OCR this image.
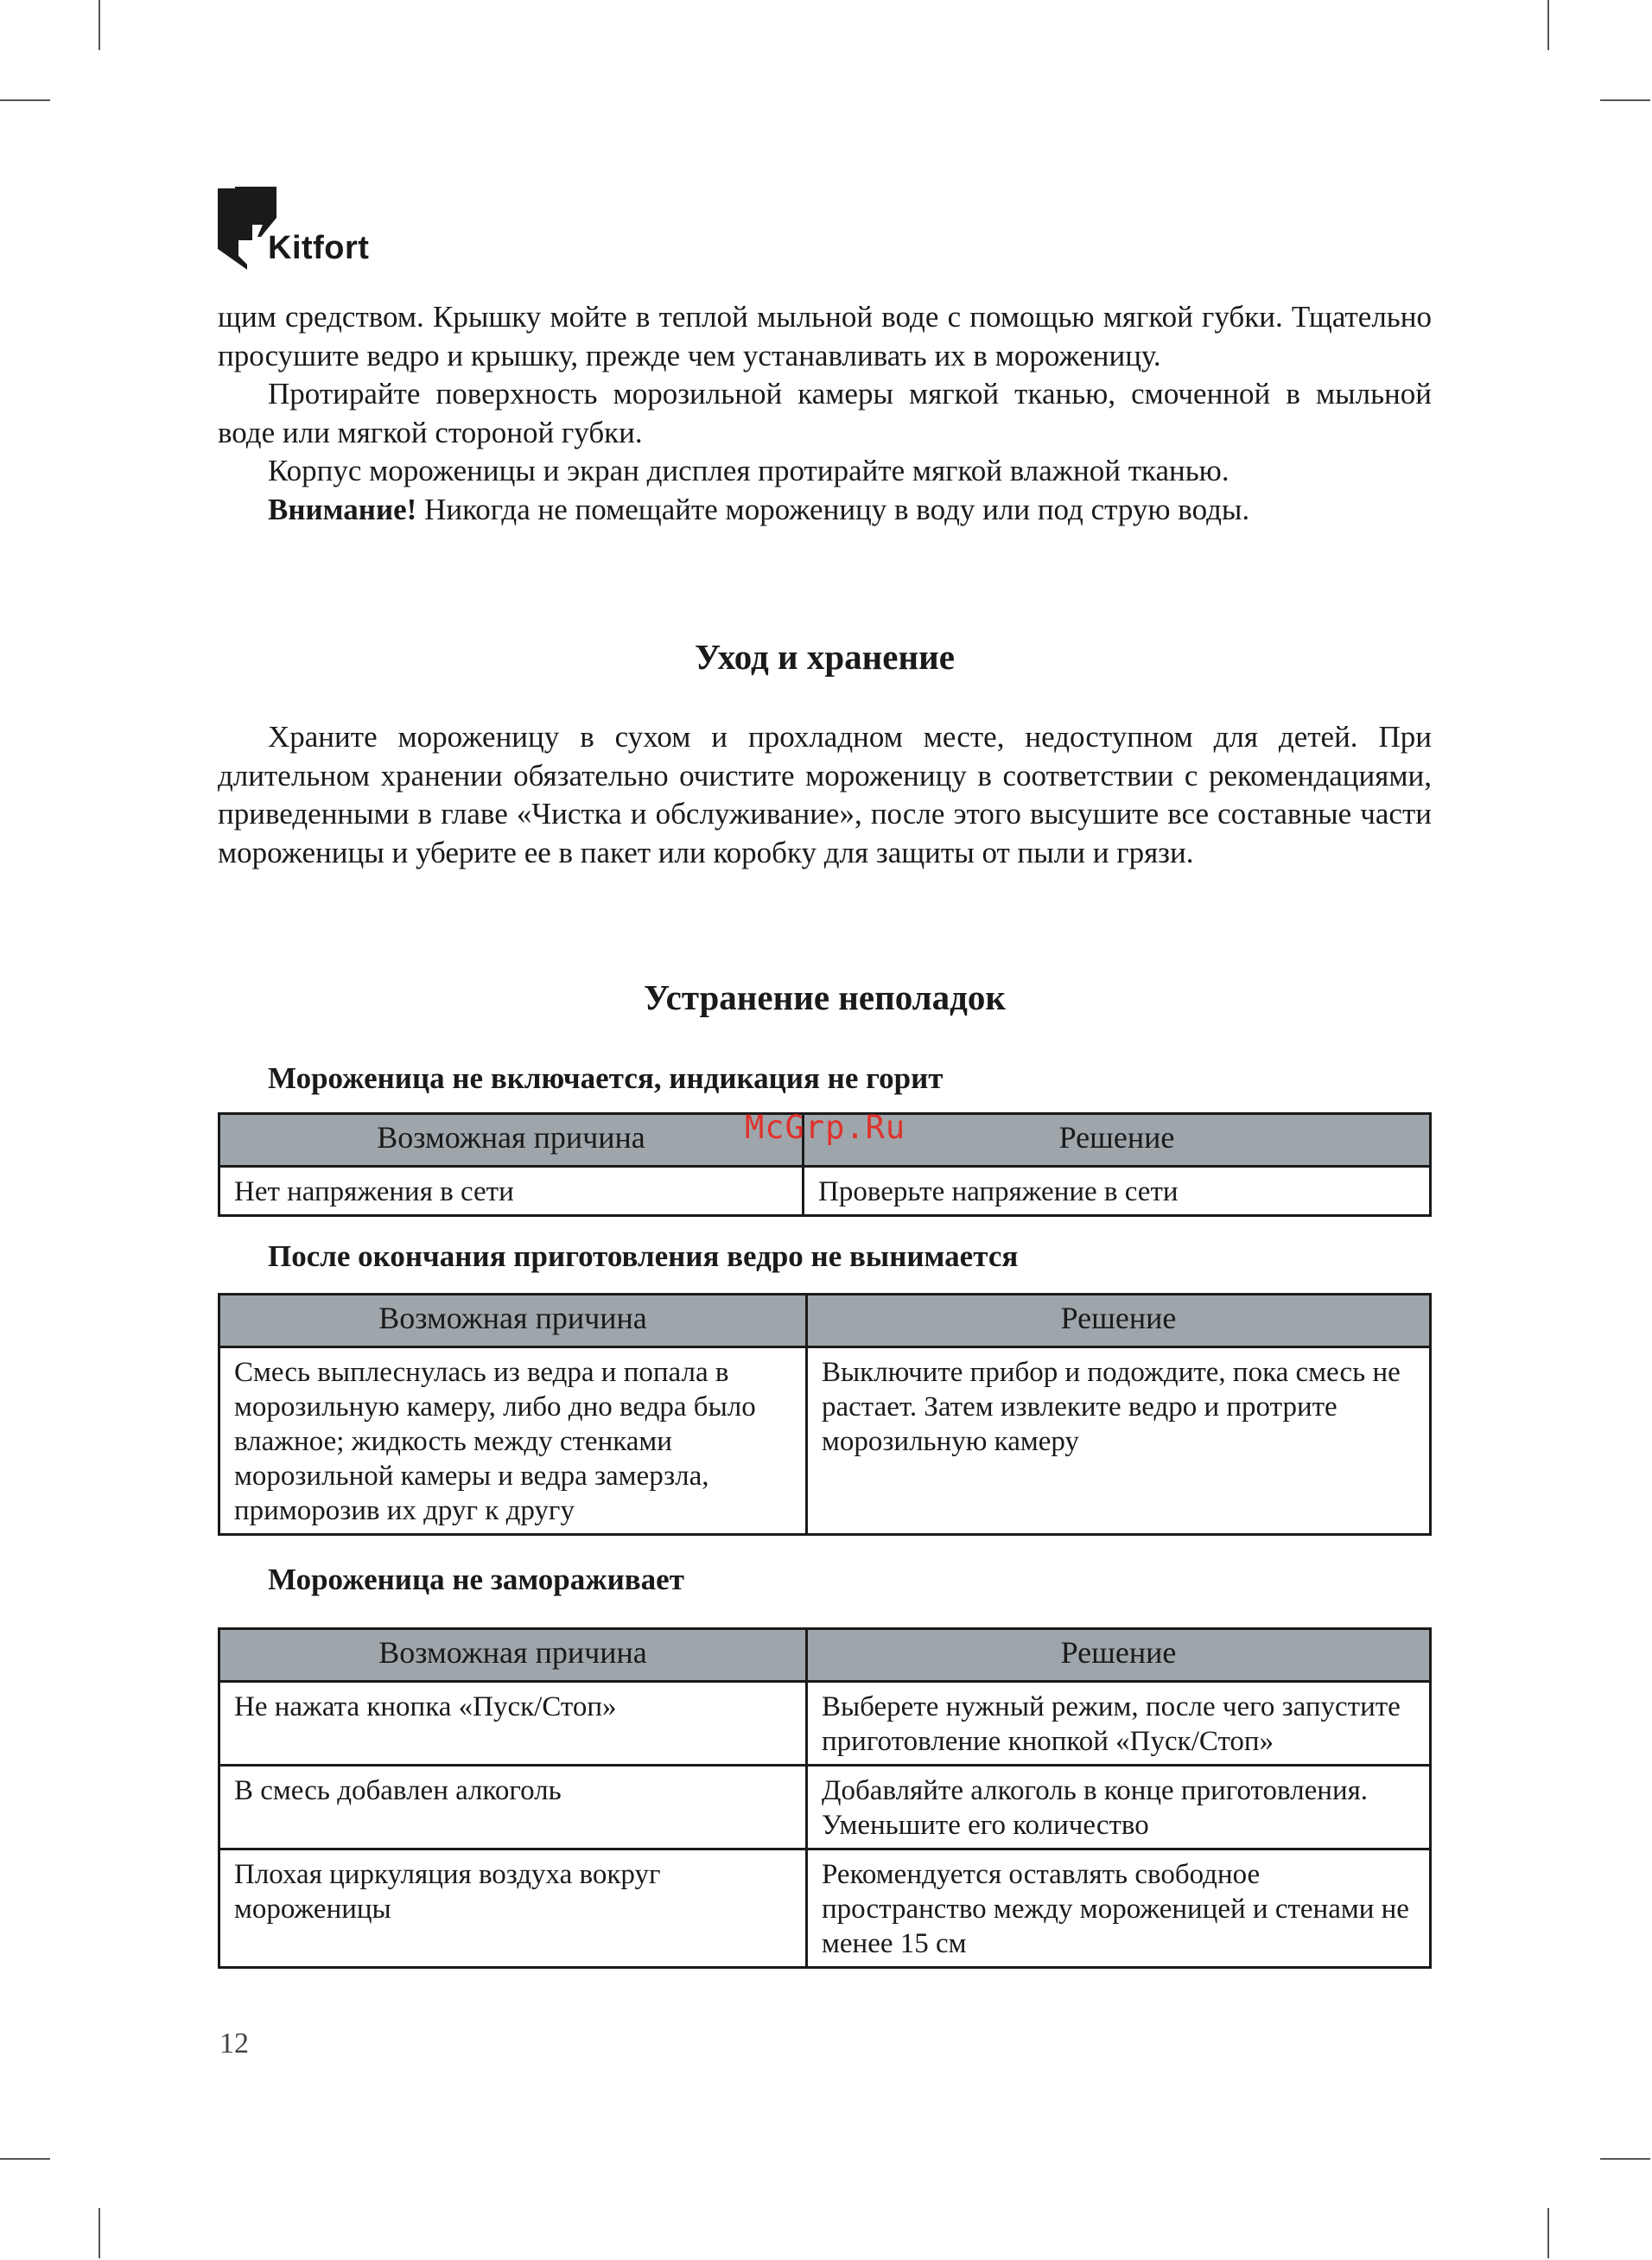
Kitfort

щим средством. Крышку мойте в теплой мыльной воде с помощью мягкой губки. Тщательно просушите ведро и крышку, прежде чем устанавливать их в мороженицу.

Протирайте поверхность морозильной камеры мягкой тканью, смоченной в мыльной воде или мягкой стороной губки.

Корпус мороженицы и экран дисплея протирайте мягкой влажной тканью.

Внимание! Никогда не помещайте мороженицу в воду или под струю воды.

Уход и хранение

Храните мороженицу в сухом и прохладном месте, недоступном для детей. При длительном хранении обязательно очистите мороженицу в соответствии с рекомендациями, приведенными в главе «Чистка и обслуживание», после этого высушите все составные части мороженицы и уберите ее в пакет или коробку для защиты от пыли и грязи.

Устранение неполадок

Мороженица не включается, индикация не горит

Возможная причина	Решение
Нет напряжения в сети	Проверьте напряжение в сети

После окончания приготовления ведро не вынимается

Возможная причина	Решение
Смесь выплеснулась из ведра и попала в морозильную камеру, либо дно ведра было влажное; жидкость между стенками морозильной камеры и ведра замерзла, приморозив их друг к другу	Выключите прибор и подождите, пока смесь не растает. Затем извлеките ведро и протрите морозильную камеру

Мороженица не замораживает

Возможная причина	Решение
Не нажата кнопка «Пуск/Стоп»	Выберете нужный режим, после чего запустите приготовление кнопкой «Пуск/Стоп»
В смесь добавлен алкоголь	Добавляйте алкоголь в конце приготовления. Уменьшите его количество
Плохая циркуляция воздуха вокруг мороженицы	Рекомендуется оставлять свободное пространство между мороженицей и стенами не менее 15 см
McGrp.Ru
12
